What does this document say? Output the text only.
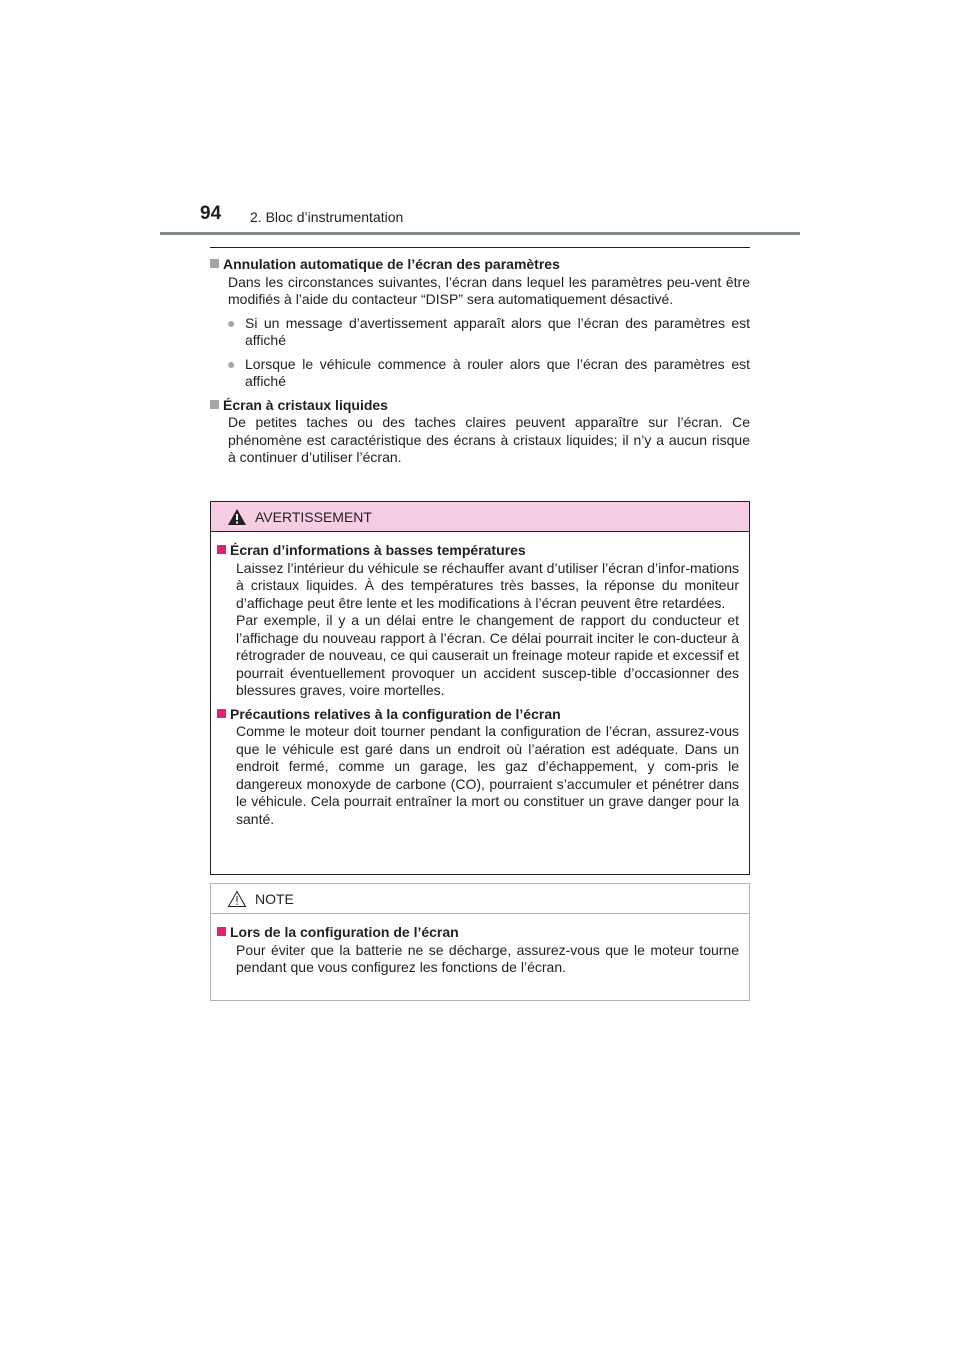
94 2. Bloc d’instrumentation
Annulation automatique de l’écran des paramètres
Dans les circonstances suivantes, l’écran dans lequel les paramètres peu-vent être modifiés à l’aide du contacteur “DISP” sera automatiquement désactivé.
● Si un message d’avertissement apparaît alors que l’écran des paramètres est affiché
● Lorsque le véhicule commence à rouler alors que l’écran des paramètres est affiché
Écran à cristaux liquides
De petites taches ou des taches claires peuvent apparaître sur l’écran. Ce phénomène est caractéristique des écrans à cristaux liquides; il n’y a aucun risque à continuer d’utiliser l’écran.
AVERTISSEMENT
Écran d’informations à basses températures
Laissez l’intérieur du véhicule se réchauffer avant d’utiliser l’écran d’infor-mations à cristaux liquides. À des températures très basses, la réponse du moniteur d’affichage peut être lente et les modifications à l’écran peuvent être retardées.
Par exemple, il y a un délai entre le changement de rapport du conducteur et l’affichage du nouveau rapport à l’écran. Ce délai pourrait inciter le con-ducteur à rétrograder de nouveau, ce qui causerait un freinage moteur rapide et excessif et pourrait éventuellement provoquer un accident suscep-tible d’occasionner des blessures graves, voire mortelles.
Précautions relatives à la configuration de l’écran
Comme le moteur doit tourner pendant la configuration de l’écran, assurez-vous que le véhicule est garé dans un endroit où l’aération est adéquate. Dans un endroit fermé, comme un garage, les gaz d’échappement, y com-pris le dangereux monoxyde de carbone (CO), pourraient s’accumuler et pénétrer dans le véhicule. Cela pourrait entraîner la mort ou constituer un grave danger pour la santé.
NOTE
Lors de la configuration de l’écran
Pour éviter que la batterie ne se décharge, assurez-vous que le moteur tourne pendant que vous configurez les fonctions de l’écran.
